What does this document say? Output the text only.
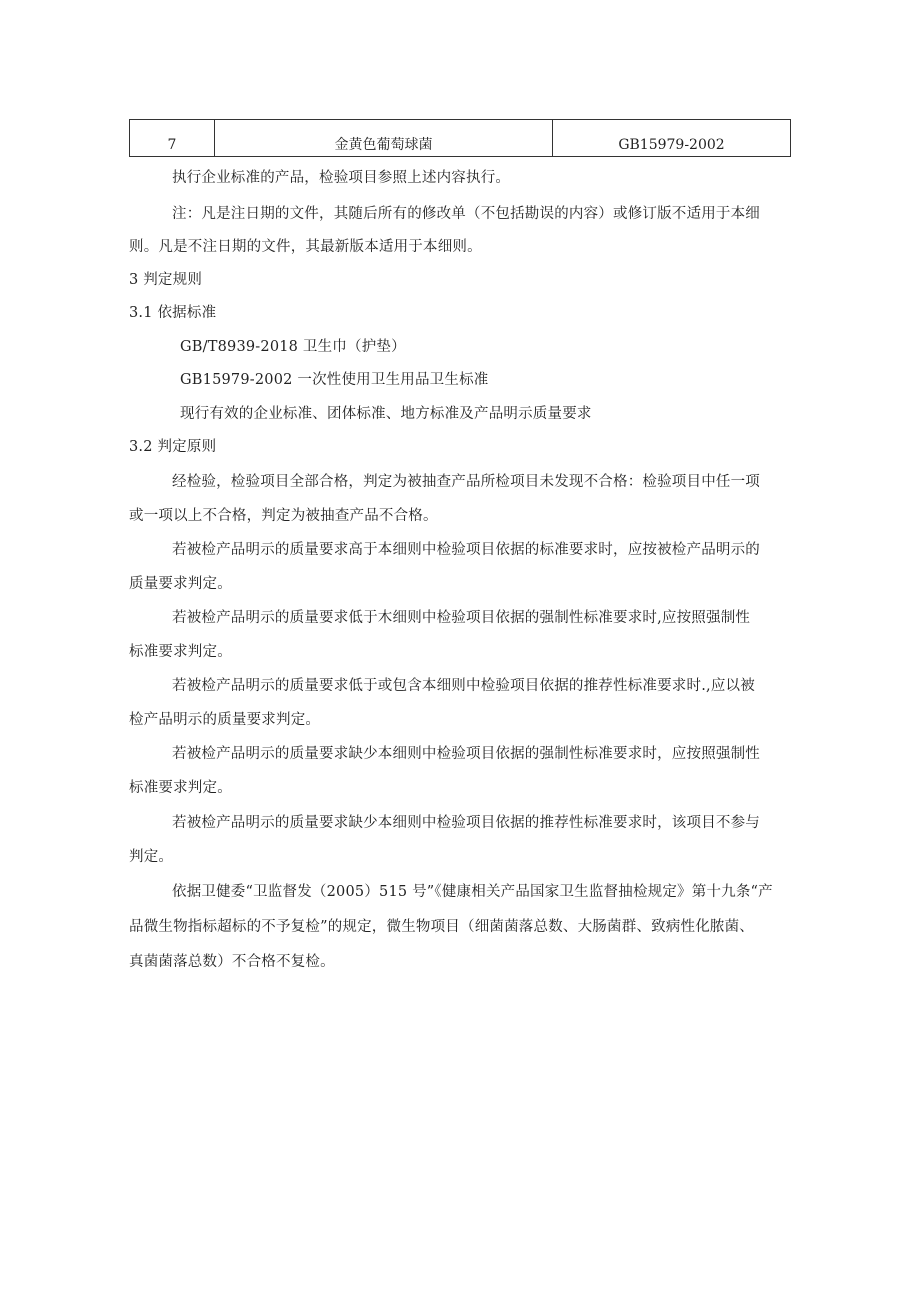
7	金黄色葡萄球菌	GB15979-2002
执行企业标准的产品，检验项目参照上述内容执行。
注：凡是注日期的文件，其随后所有的修改单（不包括勘误的内容）或修订版不适用于本细
则。凡是不注日期的文件，其最新版本适用于本细则。
3 判定规则
3.1 依据标准
GB/T8939-2018 卫生巾（护垫）
GB15979-2002 一次性使用卫生用品卫生标准
现行有效的企业标准、团体标准、地方标准及产品明示质量要求
3.2 判定原则
经检验，检验项目全部合格，判定为被抽查产品所检项目未发现不合格：检验项目中任一项
或一项以上不合格，判定为被抽查产品不合格。
若被检产品明示的质量要求高于本细则中检验项目依据的标准要求时，应按被检产品明示的
质量要求判定。
若被检产品明示的质量要求低于木细则中检验项目依据的强制性标准要求时,应按照强制性
标准要求判定。
若被检产品明示的质量要求低于或包含本细则中检验项目依据的推荐性标准要求时.,应以被
检产品明示的质量要求判定。
若被检产品明示的质量要求缺少本细则中检验项目依据的强制性标准要求时，应按照强制性
标准要求判定。
若被检产品明示的质量要求缺少本细则中检验项目依据的推荐性标准要求时，该项目不参与
判定。
依据卫健委“卫监督发（2005）515 号”《健康相关产品国家卫生监督抽检规定》第十九条“产
品微生物指标超标的不予复检”的规定，微生物项目（细菌菌落总数、大肠菌群、致病性化脓菌、
真菌菌落总数）不合格不复检。
